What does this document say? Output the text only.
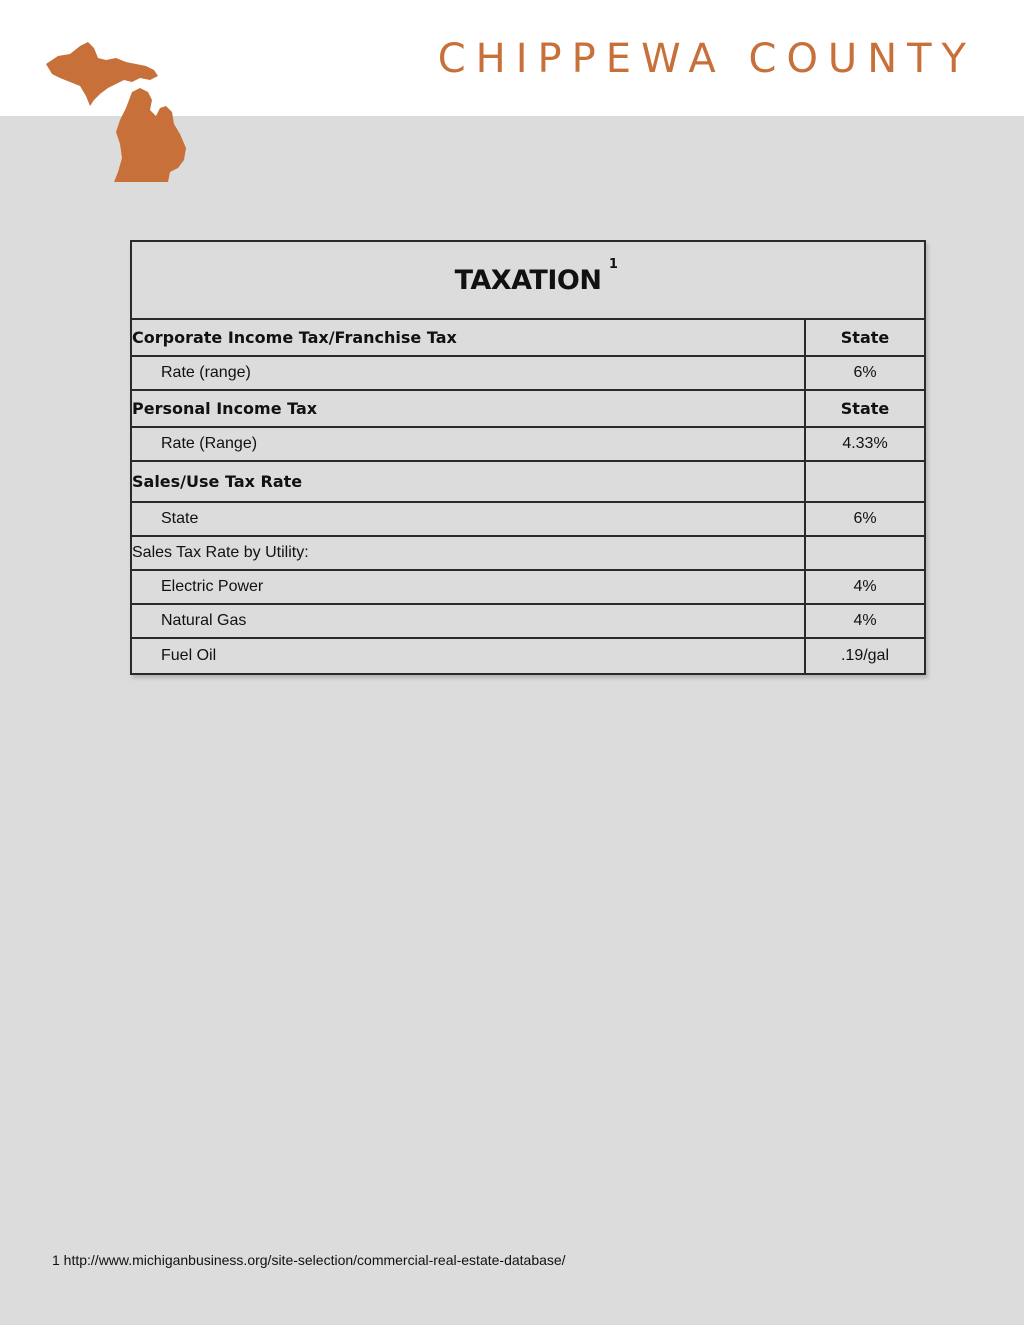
CHIPPEWA COUNTY
TAXATION
1
Corporate Income Tax/Franchise Tax	State
Rate (range)	6%
Personal Income Tax	State
Rate (Range)	4.33%
Sales/Use Tax Rate
State	6%
Sales Tax Rate by Utility:
Electric Power	4%
Natural Gas	4%
Fuel Oil	.19/gal
1 http://www.michiganbusiness.org/site-selection/commercial-real-estate-database/
